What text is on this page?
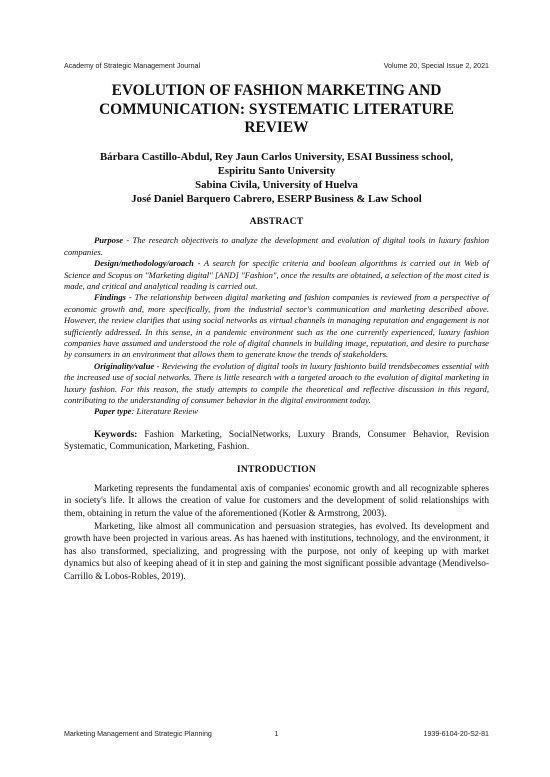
Academy of Strategic Management Journal	Volume 20, Special Issue 2, 2021
EVOLUTION OF FASHION MARKETING AND
COMMUNICATION: SYSTEMATIC LITERATURE
REVIEW
Bárbara Castillo-Abdul, Rey Jaun Carlos University, ESAI Bussiness school,
Espiritu Santo University
Sabina Civila, University of Huelva
José Daniel Barquero Cabrero, ESERP Business & Law School
ABSTRACT

Purpose - The research objectiveis to analyze the development and evolution of digital tools in luxury fashion companies.

Design/methodology/aroach - A search for specific criteria and boolean algorithms is carried out in Web of Science and Scopus on "Marketing digital" [AND] "Fashion", once the results are obtained, a selection of the most cited is made, and critical and analytical reading is carried out.

Findings - The relationship between digital marketing and fashion companies is reviewed from a perspective of economic growth and, more specifically, from the industrial sector's communication and marketing described above. However, the review clarifies that using social networks as virtual channels in managing reputation and engagement is not sufficiently addressed. In this sense, in a pandemic environment such as the one currently experienced, luxury fashion companies have assumed and understood the role of digital channels in building image, reputation, and desire to purchase by consumers in an environment that allows them to generate know the trends of stakeholders.

Originality/value - Reviewing the evolution of digital tools in luxury fashionto build trendsbecomes essential with the increased use of social networks. There is little research with a targeted aroach to the evolution of digital marketing in luxury fashion. For this reason, the study attempts to compile the theoretical and reflective discussion in this regard, contributing to the understanding of consumer behavior in the digital environment today.

Paper type: Literature Review

Keywords: Fashion Marketing, SocialNetworks, Luxury Brands, Consumer Behavior, Revision Systematic, Communication, Marketing, Fashion.

INTRODUCTION

Marketing represents the fundamental axis of companies' economic growth and all recognizable spheres in society's life. It allows the creation of value for customers and the development of solid relationships with them, obtaining in return the value of the aforementioned (Kotler & Armstrong, 2003).

Marketing, like almost all communication and persuasion strategies, has evolved. Its development and growth have been projected in various areas. As has haened with institutions, technology, and the environment, it has also transformed, specializing, and progressing with the purpose, not only of keeping up with market dynamics but also of keeping ahead of it in step and gaining the most significant possible advantage (Mendivelso-Carrillo & Lobos-Robles, 2019).

Marketing Management and Strategic Planning	1	1939-6104-20-S2-81
